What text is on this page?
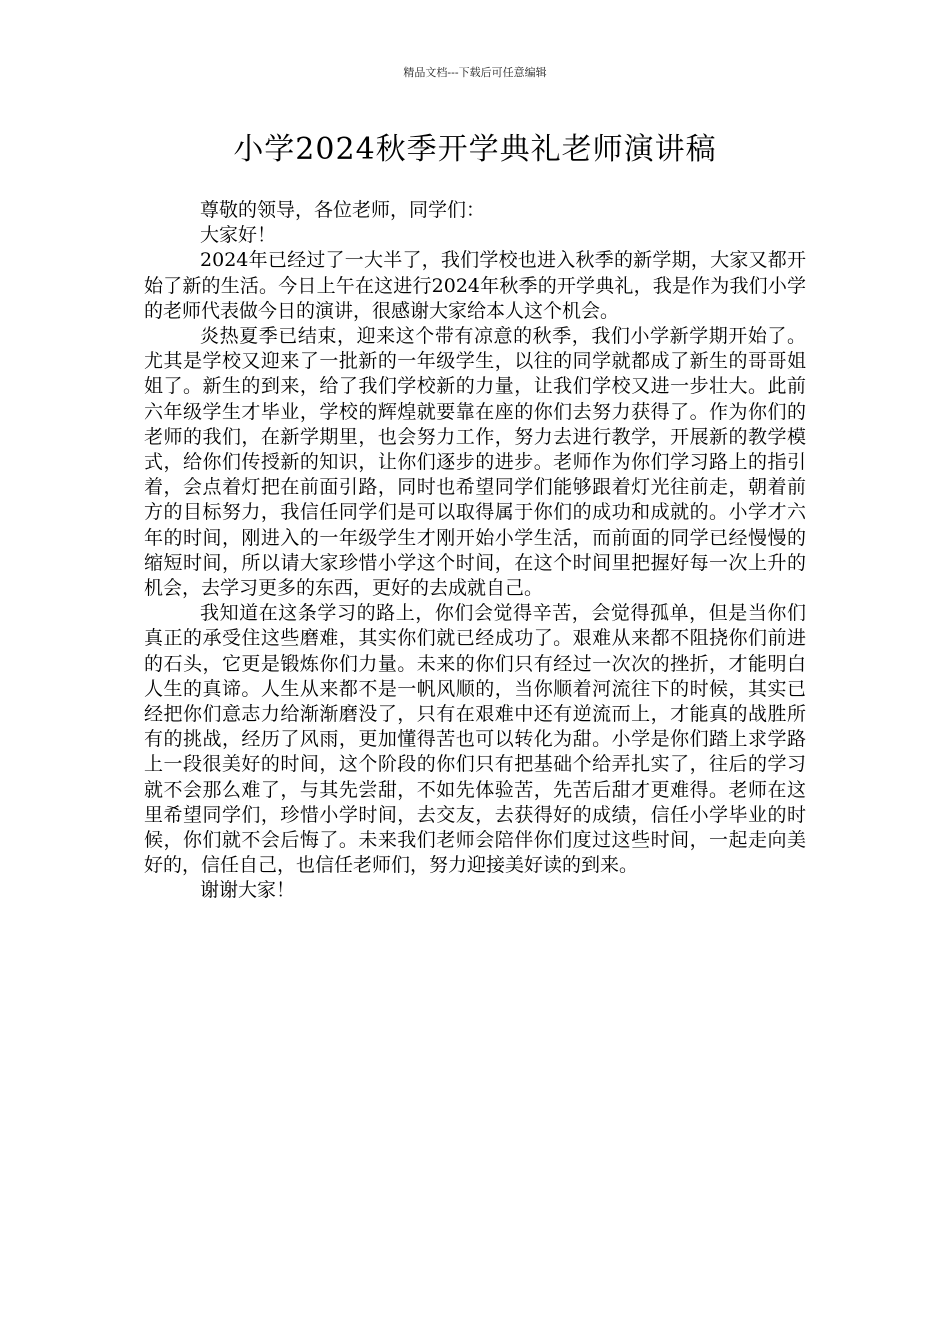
精品文档---下载后可任意编辑
小学2024秋季开学典礼老师演讲稿

尊敬的领导，各位老师，同学们：

大家好！

2024年已经过了一大半了，我们学校也进入秋季的新学期，大家又都开始了新的生活。今日上午在这进行2024年秋季的开学典礼，我是作为我们小学的老师代表做今日的演讲，很感谢大家给本人这个机会。

炎热夏季已结束，迎来这个带有凉意的秋季，我们小学新学期开始了。尤其是学校又迎来了一批新的一年级学生，以往的同学就都成了新生的哥哥姐姐了。新生的到来，给了我们学校新的力量，让我们学校又进一步壮大。此前六年级学生才毕业，学校的辉煌就要靠在座的你们去努力获得了。作为你们的老师的我们，在新学期里，也会努力工作，努力去进行教学，开展新的教学模式，给你们传授新的知识，让你们逐步的进步。老师作为你们学习路上的指引着，会点着灯把在前面引路，同时也希望同学们能够跟着灯光往前走，朝着前方的目标努力，我信任同学们是可以取得属于你们的成功和成就的。小学才六年的时间，刚进入的一年级学生才刚开始小学生活，而前面的同学已经慢慢的缩短时间，所以请大家珍惜小学这个时间，在这个时间里把握好每一次上升的机会，去学习更多的东西，更好的去成就自己。

我知道在这条学习的路上，你们会觉得辛苦，会觉得孤单，但是当你们真正的承受住这些磨难，其实你们就已经成功了。艰难从来都不阻挠你们前进的石头，它更是锻炼你们力量。未来的你们只有经过一次次的挫折，才能明白人生的真谛。人生从来都不是一帆风顺的，当你顺着河流往下的时候，其实已经把你们意志力给渐渐磨没了，只有在艰难中还有逆流而上，才能真的战胜所有的挑战，经历了风雨，更加懂得苦也可以转化为甜。小学是你们踏上求学路上一段很美好的时间，这个阶段的你们只有把基础个给弄扎实了，往后的学习就不会那么难了，与其先尝甜，不如先体验苦，先苦后甜才更难得。老师在这里希望同学们，珍惜小学时间，去交友，去获得好的成绩，信任小学毕业的时候，你们就不会后悔了。未来我们老师会陪伴你们度过这些时间，一起走向美好的，信任自己，也信任老师们，努力迎接美好读的到来。

谢谢大家！
